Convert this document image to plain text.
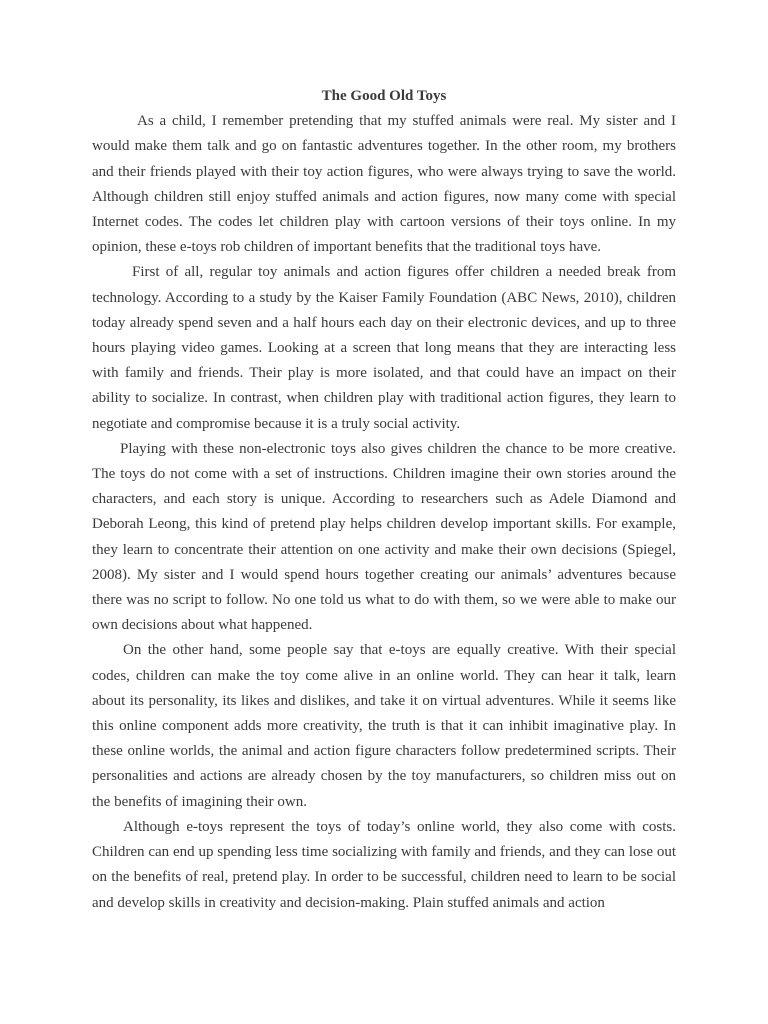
The Good Old Toys

As a child, I remember pretending that my stuffed animals were real. My sister and I would make them talk and go on fantastic adventures together. In the other room, my brothers and their friends played with their toy action figures, who were always trying to save the world. Although children still enjoy stuffed animals and action figures, now many come with special Internet codes. The codes let children play with cartoon versions of their toys online. In my opinion, these e-toys rob children of important benefits that the traditional toys have.

First of all, regular toy animals and action figures offer children a needed break from technology. According to a study by the Kaiser Family Foundation (ABC News, 2010), children today already spend seven and a half hours each day on their electronic devices, and up to three hours playing video games. Looking at a screen that long means that they are interacting less with family and friends. Their play is more isolated, and that could have an impact on their ability to socialize. In contrast, when children play with traditional action figures, they learn to negotiate and compromise because it is a truly social activity.

Playing with these non-electronic toys also gives children the chance to be more creative. The toys do not come with a set of instructions. Children imagine their own stories around the characters, and each story is unique. According to researchers such as Adele Diamond and Deborah Leong, this kind of pretend play helps children develop important skills. For example, they learn to concentrate their attention on one activity and make their own decisions (Spiegel, 2008). My sister and I would spend hours together creating our animals’ adventures because there was no script to follow. No one told us what to do with them, so we were able to make our own decisions about what happened.

On the other hand, some people say that e-toys are equally creative. With their special codes, children can make the toy come alive in an online world. They can hear it talk, learn about its personality, its likes and dislikes, and take it on virtual adventures. While it seems like this online component adds more creativity, the truth is that it can inhibit imaginative play. In these online worlds, the animal and action figure characters follow predetermined scripts. Their personalities and actions are already chosen by the toy manufacturers, so children miss out on the benefits of imagining their own.

Although e-toys represent the toys of today’s online world, they also come with costs. Children can end up spending less time socializing with family and friends, and they can lose out on the benefits of real, pretend play. In order to be successful, children need to learn to be social and develop skills in creativity and decision-making. Plain stuffed animals and action
